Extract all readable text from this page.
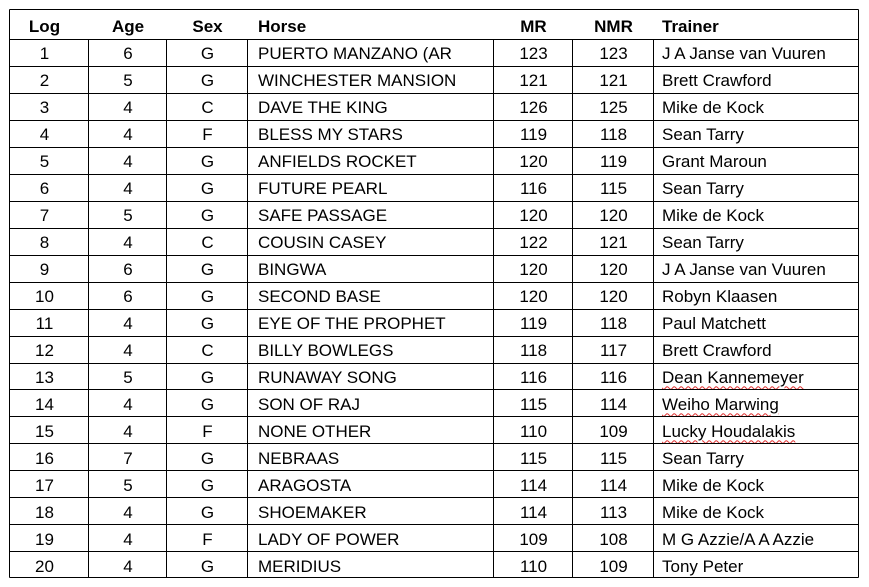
Log	Age	Sex	Horse	MR	NMR	Trainer
1	6	G	PUERTO MANZANO (AR	123	123	J A Janse van Vuuren
2	5	G	WINCHESTER MANSION	121	121	Brett Crawford
3	4	C	DAVE THE KING	126	125	Mike de Kock
4	4	F	BLESS MY STARS	119	118	Sean Tarry
5	4	G	ANFIELDS ROCKET	120	119	Grant Maroun
6	4	G	FUTURE PEARL	116	115	Sean Tarry
7	5	G	SAFE PASSAGE	120	120	Mike de Kock
8	4	C	COUSIN CASEY	122	121	Sean Tarry
9	6	G	BINGWA	120	120	J A Janse van Vuuren
10	6	G	SECOND BASE	120	120	Robyn Klaasen
11	4	G	EYE OF THE PROPHET	119	118	Paul Matchett
12	4	C	BILLY BOWLEGS	118	117	Brett Crawford
13	5	G	RUNAWAY SONG	116	116	Dean Kannemeyer
14	4	G	SON OF RAJ	115	114	Weiho Marwing
15	4	F	NONE OTHER	110	109	Lucky Houdalakis
16	7	G	NEBRAAS	115	115	Sean Tarry
17	5	G	ARAGOSTA	114	114	Mike de Kock
18	4	G	SHOEMAKER	114	113	Mike de Kock
19	4	F	LADY OF POWER	109	108	M G Azzie/A A Azzie
20	4	G	MERIDIUS	110	109	Tony Peter
